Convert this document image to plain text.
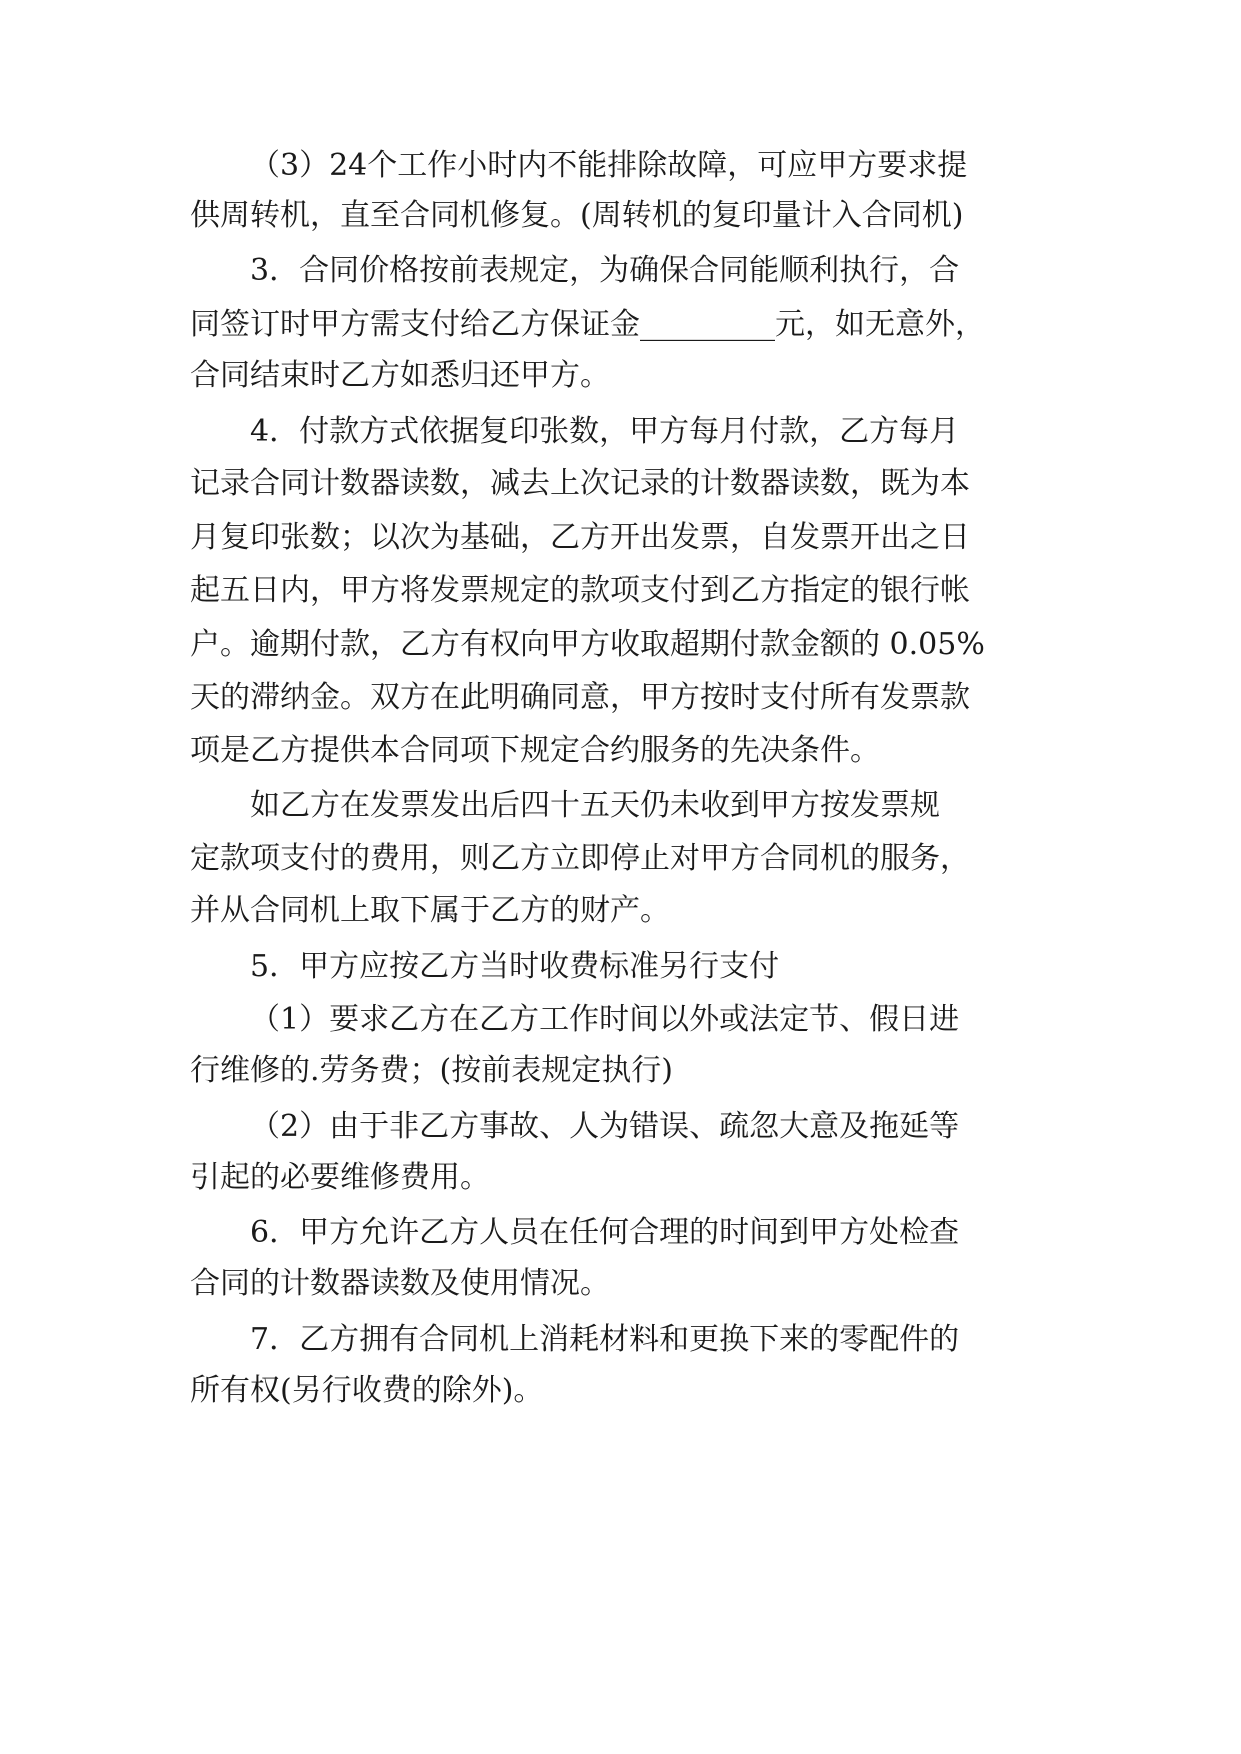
（3）24个工作小时内不能排除故障，可应甲方要求提
供周转机，直至合同机修复。(周转机的复印量计入合同机)
3．合同价格按前表规定，为确保合同能顺利执行，合
同签订时甲方需支付给乙方保证金_________元，如无意外，
合同结束时乙方如悉归还甲方。
4．付款方式依据复印张数，甲方每月付款，乙方每月
记录合同计数器读数，减去上次记录的计数器读数，既为本
月复印张数；以次为基础，乙方开出发票，自发票开出之日
起五日内，甲方将发票规定的款项支付到乙方指定的银行帐
户。逾期付款，乙方有权向甲方收取超期付款金额的 0.05%
天的滞纳金。双方在此明确同意，甲方按时支付所有发票款
项是乙方提供本合同项下规定合约服务的先决条件。
如乙方在发票发出后四十五天仍未收到甲方按发票规
定款项支付的费用，则乙方立即停止对甲方合同机的服务，
并从合同机上取下属于乙方的财产。
5．甲方应按乙方当时收费标准另行支付
（1）要求乙方在乙方工作时间以外或法定节、假日进
行维修的.劳务费；(按前表规定执行)
（2）由于非乙方事故、人为错误、疏忽大意及拖延等
引起的必要维修费用。
6．甲方允许乙方人员在任何合理的时间到甲方处检查
合同的计数器读数及使用情况。
7．乙方拥有合同机上消耗材料和更换下来的零配件的
所有权(另行收费的除外)。
